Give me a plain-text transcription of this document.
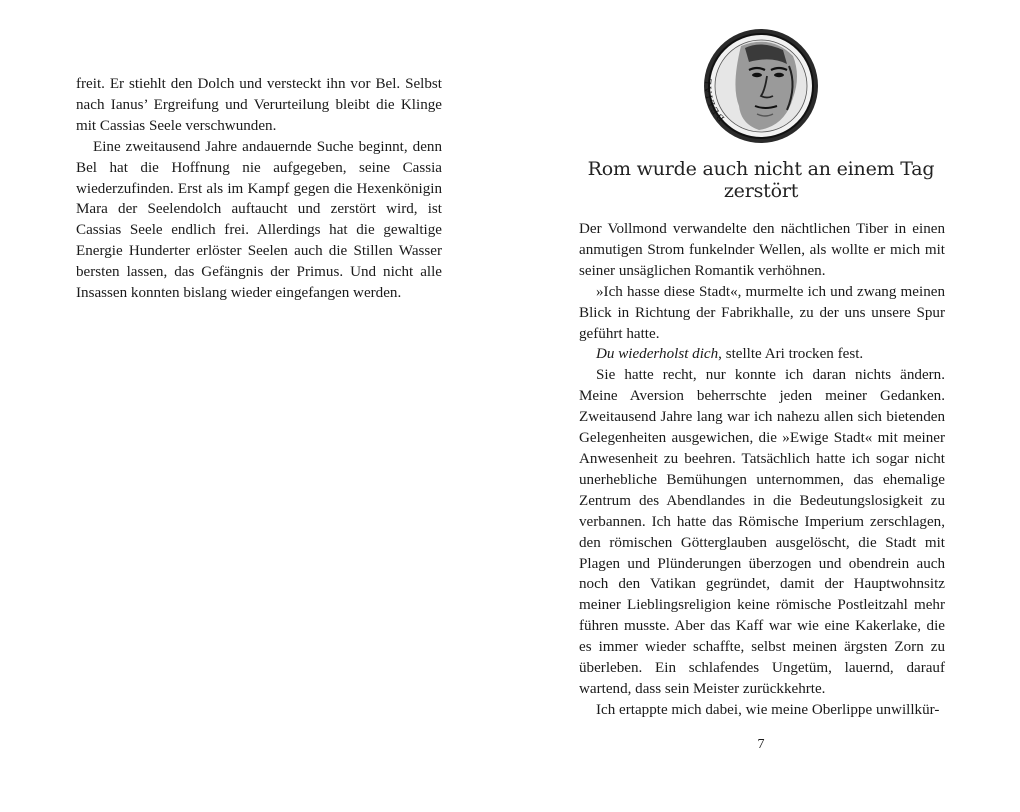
freit. Er stiehlt den Dolch und versteckt ihn vor Bel. Selbst nach Ianus’ Ergreifung und Verurteilung bleibt die Klinge mit Cassias Seele verschwunden.

Eine zweitausend Jahre andauernde Suche beginnt, denn Bel hat die Hoffnung nie aufgegeben, seine Cassia wiederzufinden. Erst als im Kampf gegen die Hexenkönigin Mara der Seelendolch auftaucht und zerstört wird, ist Cassias Seele endlich frei. Allerdings hat die gewaltige Energie Hunderter erlöster Seelen auch die Stillen Wasser bersten lassen, das Gefängnis der Primus. Und nicht alle Insassen konnten bislang wieder eingefangen werden.

BELIAL
Rom wurde auch nicht an einem Tag zerstört

Der Vollmond verwandelte den nächtlichen Tiber in einen anmutigen Strom funkelnder Wellen, als wollte er mich mit seiner unsäglichen Romantik verhöhnen.

»Ich hasse diese Stadt«, murmelte ich und zwang meinen Blick in Richtung der Fabrikhalle, zu der uns unsere Spur geführt hatte.

Du wiederholst dich, stellte Ari trocken fest.

Sie hatte recht, nur konnte ich daran nichts ändern. Meine Aversion beherrschte jeden meiner Gedanken. Zweitausend Jahre lang war ich nahezu allen sich bietenden Gelegenheiten ausgewichen, die »Ewige Stadt« mit meiner Anwesenheit zu beehren. Tatsächlich hatte ich sogar nicht unerhebliche Bemühungen unternommen, das ehemalige Zentrum des Abendlandes in die Bedeutungslosigkeit zu verbannen. Ich hatte das Römische Imperium zerschlagen, den römischen Götterglauben ausgelöscht, die Stadt mit Plagen und Plünderungen überzogen und obendrein auch noch den Vatikan gegründet, damit der Hauptwohnsitz meiner Lieblingsreligion keine römische Postleitzahl mehr führen musste. Aber das Kaff war wie eine Kakerlake, die es immer wieder schaffte, selbst meinen ärgsten Zorn zu überleben. Ein schlafendes Ungetüm, lauernd, darauf wartend, dass sein Meister zurückkehrte.

Ich ertappte mich dabei, wie meine Oberlippe unwillkür-

7
